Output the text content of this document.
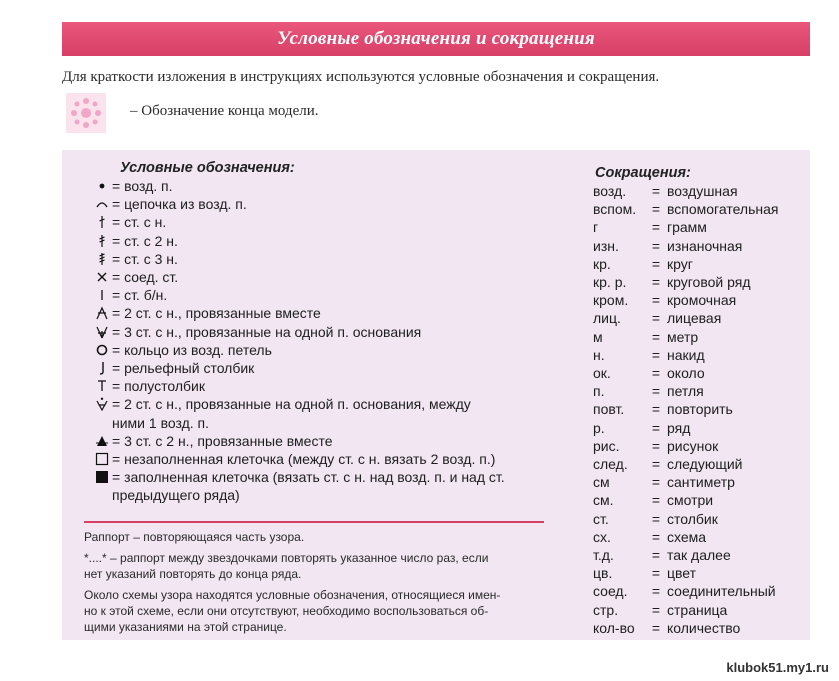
Условные обозначения и сокращения
Для краткости изложения в инструкциях используются условные обозначения и сокращения.
– Обозначение конца модели.
Условные обозначения:
= возд. п.
= цепочка из возд. п.
= ст. с н.
= ст. с 2 н.
= ст. с 3 н.
= соед. ст.
= ст. б/н.
= 2 ст. с н., провязанные вместе
= 3 ст. с н., провязанные на одной п. основания
= кольцо из возд. петель
= рельефный столбик
= полустолбик
= 2 ст. с н., провязанные на одной п. основания, между
ними 1 возд. п.
= 3 ст. с 2 н., провязанные вместе
= незаполненная клеточка (между ст. с н. вязать 2 возд. п.)
= заполненная клеточка (вязать ст. с н. над возд. п. и над ст.
предыдущего ряда)

Раппорт – повторяющаяся часть узора.

*....* – раппорт между звездочками повторять указанное число раз, если
нет указаний повторять до конца ряда.

Около схемы узора находятся условные обозначения, относящиеся имен-
но к этой схеме, если они отсутствуют, необходимо воспользоваться об-
щими указаниями на этой странице.

Сокращения:
возд.	= воздушная
вспом.	= вспомогательная
г	= грамм
изн.	= изнаночная
кр.	= круг
кр. р.	= круговой ряд
кром.	= кромочная
лиц.	= лицевая
м	= метр
н.	= накид
ок.	= около
п.	= петля
повт.	= повторить
р.	= ряд
рис.	= рисунок
след.	= следующий
см	= сантиметр
см.	= смотри
ст.	= столбик
сх.	= схема
т.д.	= так далее
цв.	= цвет
соед.	= соединительный
стр.	= страница
кол-во	= количество
klubok51.my1.ru
